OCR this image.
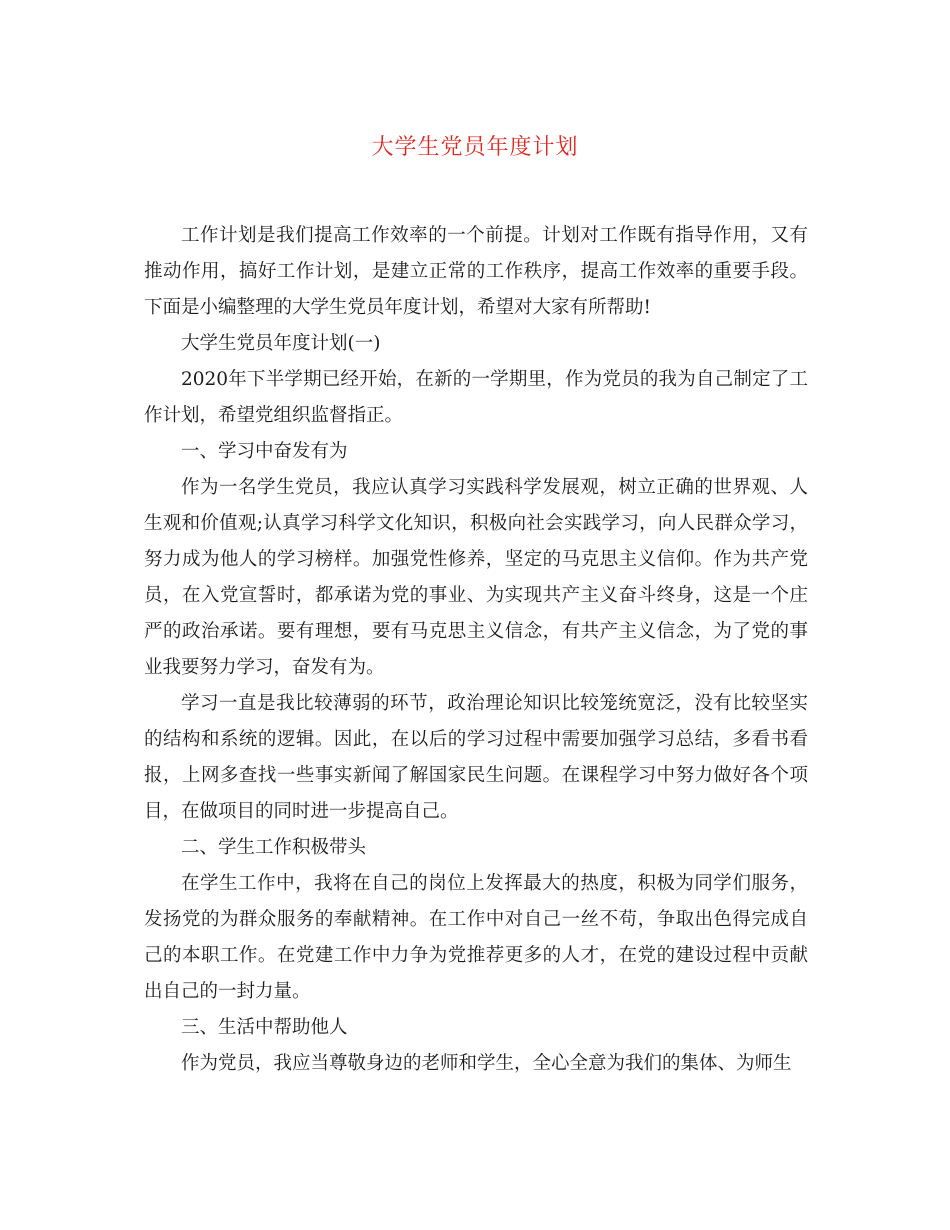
大学生党员年度计划

工作计划是我们提高工作效率的一个前提。计划对工作既有指导作用，又有推动作用，搞好工作计划，是建立正常的工作秩序，提高工作效率的重要手段。下面是小编整理的大学生党员年度计划，希望对大家有所帮助!

大学生党员年度计划(一)

2020年下半学期已经开始，在新的一学期里，作为党员的我为自己制定了工作计划，希望党组织监督指正。

一、学习中奋发有为

作为一名学生党员，我应认真学习实践科学发展观，树立正确的世界观、人生观和价值观;认真学习科学文化知识，积极向社会实践学习，向人民群众学习，努力成为他人的学习榜样。加强党性修养，坚定的马克思主义信仰。作为共产党员，在入党宣誓时，都承诺为党的事业、为实现共产主义奋斗终身，这是一个庄严的政治承诺。要有理想，要有马克思主义信念，有共产主义信念，为了党的事业我要努力学习，奋发有为。

学习一直是我比较薄弱的环节，政治理论知识比较笼统宽泛，没有比较坚实的结构和系统的逻辑。因此，在以后的学习过程中需要加强学习总结，多看书看报，上网多查找一些事实新闻了解国家民生问题。在课程学习中努力做好各个项目，在做项目的同时进一步提高自己。

二、学生工作积极带头

在学生工作中，我将在自己的岗位上发挥最大的热度，积极为同学们服务，发扬党的为群众服务的奉献精神。在工作中对自己一丝不苟，争取出色得完成自己的本职工作。在党建工作中力争为党推荐更多的人才，在党的建设过程中贡献出自己的一封力量。

三、生活中帮助他人

作为党员，我应当尊敬身边的老师和学生，全心全意为我们的集体、为师生
